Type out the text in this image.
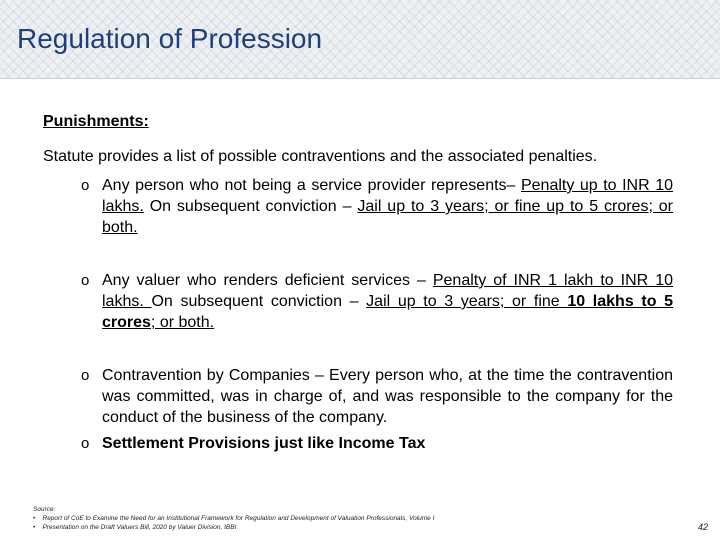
Regulation of Profession
Punishments:
Statute provides a list of possible contraventions and the associated penalties.
o Any person who not being a service provider represents– Penalty up to INR 10 lakhs. On subsequent conviction – Jail up to 3 years; or fine up to 5 crores; or both.
o Any valuer who renders deficient services – Penalty of INR 1 lakh to INR 10 lakhs. On subsequent conviction – Jail up to 3 years; or fine 10 lakhs to 5 crores; or both.
o Contravention by Companies – Every person who, at the time the contravention was committed, was in charge of, and was responsible to the company for the conduct of the business of the company.
o Settlement Provisions just like Income Tax
Source:
•    Report of CoE to Examine the Need for an Institutional Framework for Regulation and Development of Valuation Professionals, Volume I
•    Presentation on the Draft Valuers Bill, 2020 by Valuer Division, IBBI	42
